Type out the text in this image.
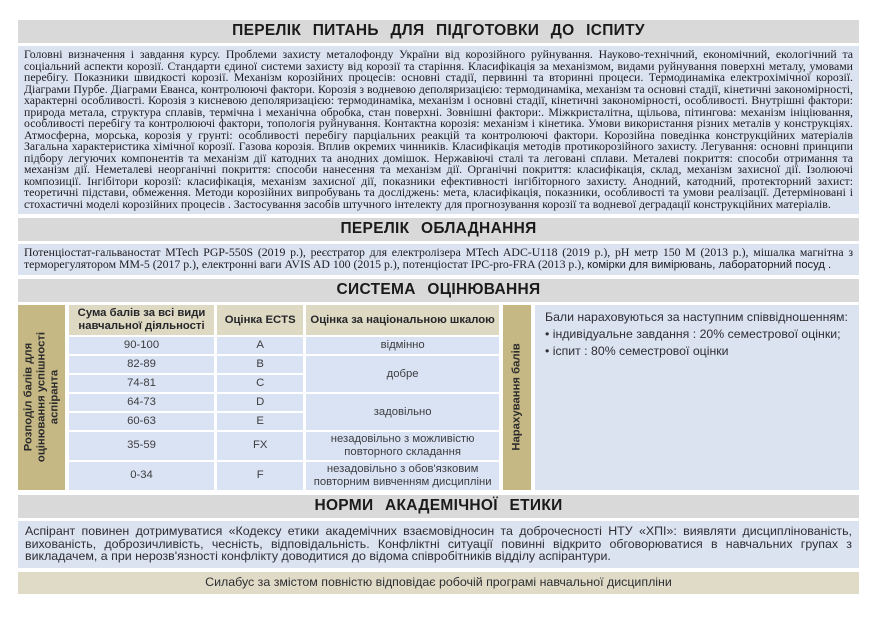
ПЕРЕЛІК ПИТАНЬ ДЛЯ ПІДГОТОВКИ ДО ІСПИТУ
Головні визначення і завдання курсу. Проблеми захисту металофонду України від корозійного руйнування. Науково-технічний, економічний, екологічний та соціальний аспекти корозії. Стандарти єдиної системи захисту від корозії та старіння. Класифікація за механізмом, видами руйнування поверхні металу, умовами перебігу. Показники швидкості корозії. Механізм корозійних процесів: основні стадії, первинні та вторинні процеси. Термодинаміка електрохімічної корозії. Діаграми Пурбе. Діаграми Еванса, контролюючі фактори. Корозія з водневою деполяризацією: термодинаміка, механізм та основні стадії, кінетичні закономірності, характерні особливості. Корозія з кисневою деполяризацією: термодинаміка, механізм і основні стадії, кінетичні закономірності, особливості. Внутрішні фактори: природа метала, структура сплавів, термічна і механічна обробка, стан поверхні. Зовнішні фактори:. Міжкристалітна, щільова, пітингова: механізм ініціювання, особливості перебігу та контролюючі фактори, топологія руйнування. Контактна корозія: механізм і кінетика. Умови використання різних металів у конструкціях. Атмосферна, морська, корозія у грунті: особливості перебігу парціальних реакцій та контролюючі фактори. Корозійна поведінка конструкційних матеріалів Загальна характеристика хімічної корозії. Газова корозія. Вплив окремих чинників. Класифікація методів протикорозійного захисту. Легування: основні принципи підбору легуючих компонентів та механізм дії катодних та анодних домішок. Нержавіючі сталі та леговані сплави. Металеві покриття: способи отримання та механізм дії. Неметалеві неорганічні покриття: способи нанесення та механізм дії. Органічні покриття: класифікація, склад, механізм захисної дії. Ізолюючі композиції. Інгібітори корозії: класифікація, механізм захисної дії, показники ефективності інгібіторного захисту. Анодний, катодний, протекторний захист: теоретичні підстави, обмеження. Методи корозійних випробувань та досліджень: мета, класифікація, показники, особливості та умови реалізації. Детерміновані і стохастичні моделі корозійних процесів . Застосування засобів штучного інтелекту для прогнозування корозії та водневої деградації конструкційних матеріалів.
ПЕРЕЛІК ОБЛАДНАННЯ
Потенціостат-гальваностат MTech PGP-550S (2019 р.), реєстратор для електролізера MTech ADC-U118 (2019 р.), pH метр 150 М (2013 р.), мішалка магнітна з терморегулятором ММ-5 (2017 р.), електронні ваги AVIS AD 100 (2015 р.), потенціостат IPC-pro-FRA (2013 р.), комірки для вимірювань, лабораторний посуд .
СИСТЕМА ОЦІНЮВАННЯ
Розподіл балів для оцінювання успішності аспіранта
Сума балів за всі види навчальної діяльності	Оцінка ECTS	Оцінка за національною шкалою
90-100	A	відмінно
82-89	B	добре
74-81	C	
64-73	D	задовільно
60-63	E	
35-59	FX	незадовільно з можливістю повторного складання
0-34	F	незадовільно з обов'язковим повторним вивченням дисципліни
Нарахування балів
Бали нараховуються за наступним співвідношенням:
• індивідуальне завдання : 20% семестрової оцінки;
• іспит : 80% семестрової оцінки
НОРМИ АКАДЕМІЧНОЇ ЕТИКИ
Аспірант повинен дотримуватися «Кодексу етики академічних взаємовідносин та доброчесності НТУ «ХПІ»: виявляти дисциплінованість, вихованість, доброзичливість, чесність, відповідальність. Конфліктні ситуації повинні відкрито обговорюватися в навчальних групах з викладачем, а при нерозв'язності конфлікту доводитися до відома співробітників відділу аспірантури.
Силабус за змістом повністю відповідає робочій програмі навчальної дисципліни
